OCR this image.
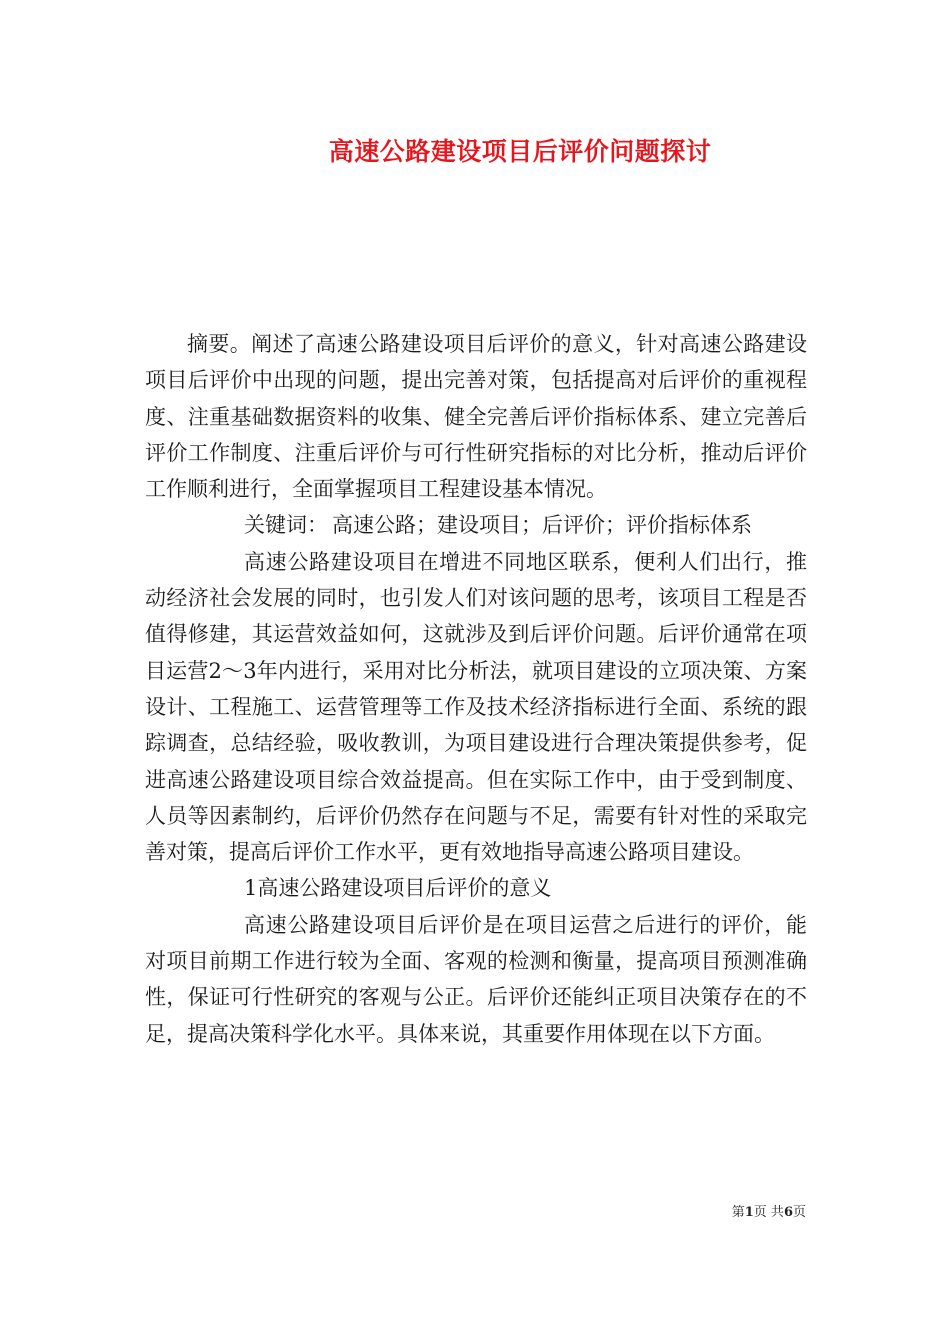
高速公路建设项目后评价问题探讨

摘要。阐述了高速公路建设项目后评价的意义，针对高速公路建设项目后评价中出现的问题，提出完善对策，包括提高对后评价的重视程度、注重基础数据资料的收集、健全完善后评价指标体系、建立完善后评价工作制度、注重后评价与可行性研究指标的对比分析，推动后评价工作顺利进行，全面掌握项目工程建设基本情况。

关键词： 高速公路；建设项目；后评价；评价指标体系

高速公路建设项目在增进不同地区联系，便利人们出行，推动经济社会发展的同时，也引发人们对该问题的思考，该项目工程是否值得修建，其运营效益如何，这就涉及到后评价问题。后评价通常在项目运营2～3年内进行，采用对比分析法，就项目建设的立项决策、方案设计、工程施工、运营管理等工作及技术经济指标进行全面、系统的跟踪调查，总结经验，吸收教训，为项目建设进行合理决策提供参考，促进高速公路建设项目综合效益提高。但在实际工作中，由于受到制度、人员等因素制约，后评价仍然存在问题与不足，需要有针对性的采取完善对策，提高后评价工作水平，更有效地指导高速公路项目建设。

1高速公路建设项目后评价的意义

高速公路建设项目后评价是在项目运营之后进行的评价，能对项目前期工作进行较为全面、客观的检测和衡量，提高项目预测准确性，保证可行性研究的客观与公正。后评价还能纠正项目决策存在的不足，提高决策科学化水平。具体来说，其重要作用体现在以下方面。

第1页 共6页
